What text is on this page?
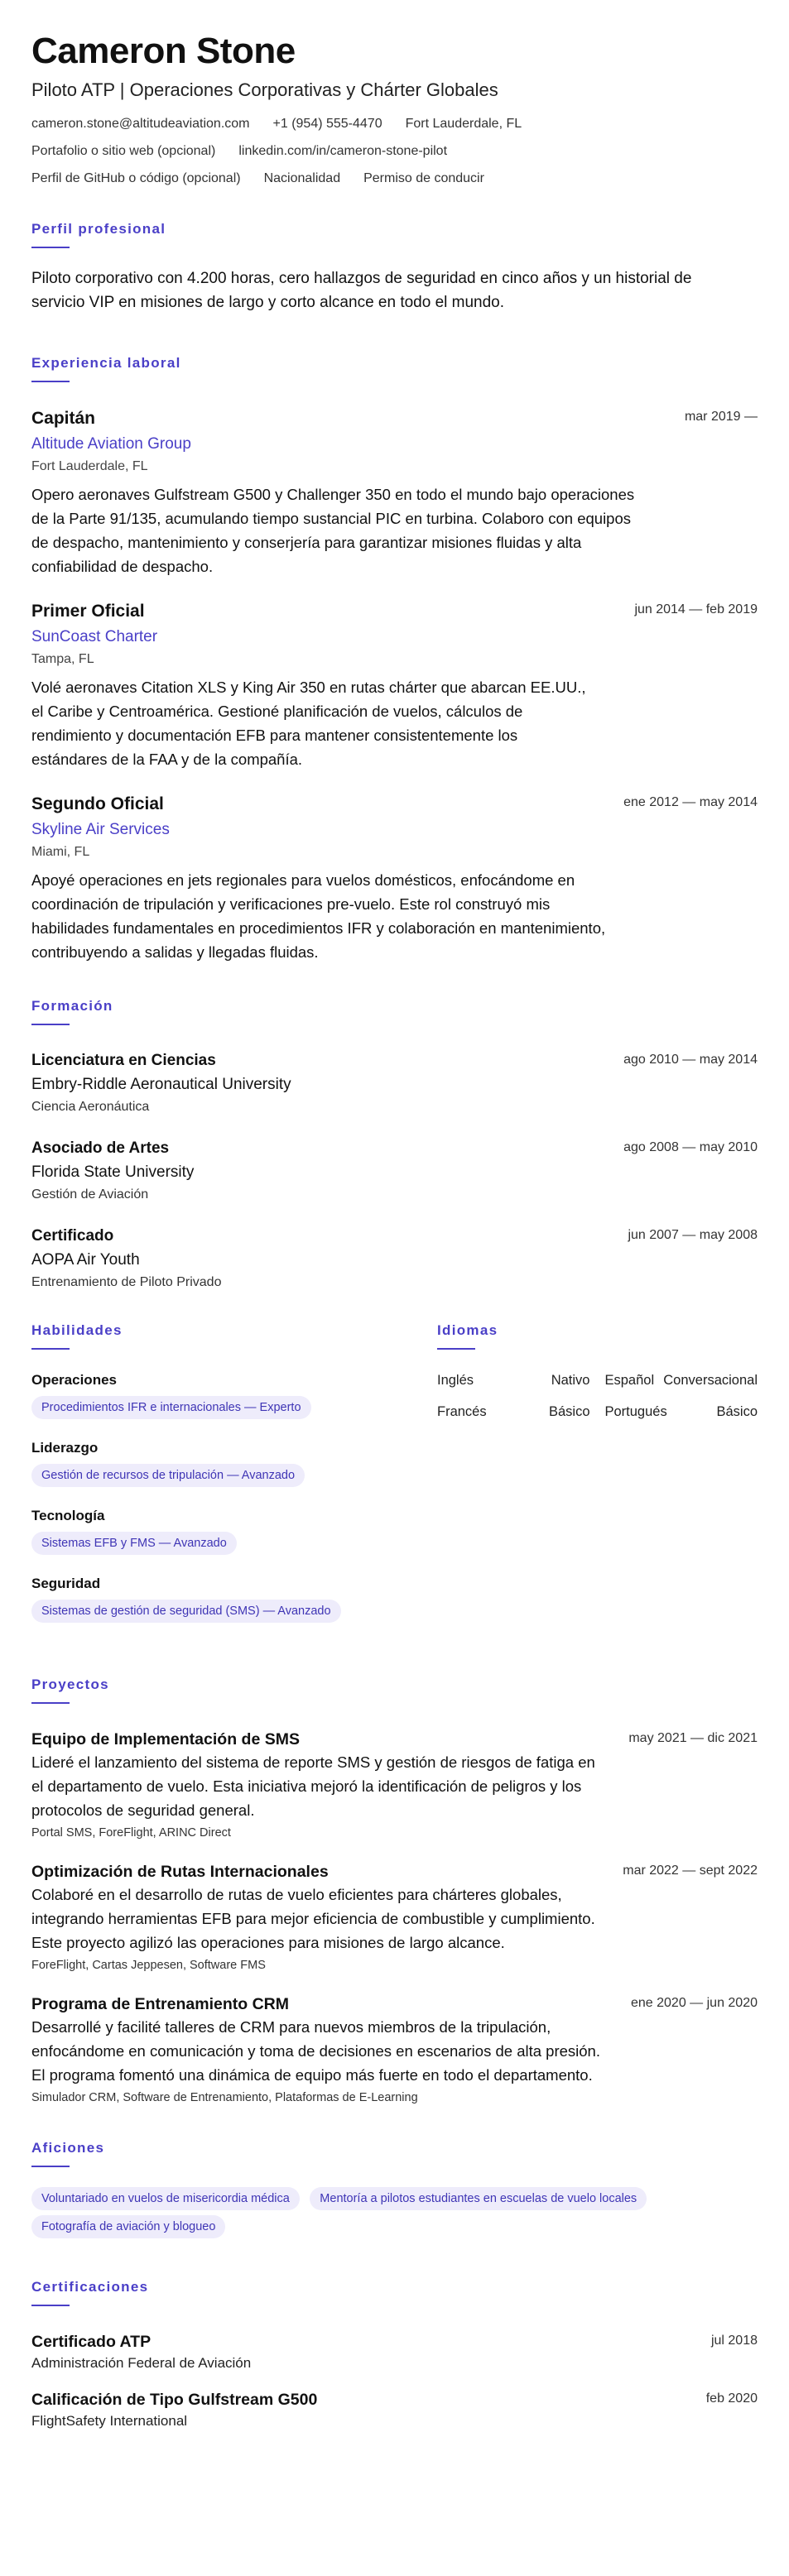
Cameron Stone
Piloto ATP | Operaciones Corporativas y Chárter Globales
cameron.stone@altitudeaviation.com +1 (954) 555-4470 Fort Lauderdale, FL
Portafolio o sitio web (opcional) linkedin.com/in/cameron-stone-pilot
Perfil de GitHub o código (opcional) Nacionalidad Permiso de conducir
Perfil profesional

Piloto corporativo con 4.200 horas, cero hallazgos de seguridad en cinco años y un historial de servicio VIP en misiones de largo y corto alcance en todo el mundo.

Experiencia laboral
Capitán	mar 2019 —
Altitude Aviation Group
Fort Lauderdale, FL

Opero aeronaves Gulfstream G500 y Challenger 350 en todo el mundo bajo operaciones de la Parte 91/135, acumulando tiempo sustancial PIC en turbina. Colaboro con equipos de despacho, mantenimiento y conserjería para garantizar misiones fluidas y alta confiabilidad de despacho.

Primer Oficial	jun 2014 — feb 2019
SunCoast Charter
Tampa, FL

Volé aeronaves Citation XLS y King Air 350 en rutas chárter que abarcan EE.UU., el Caribe y Centroamérica. Gestioné planificación de vuelos, cálculos de rendimiento y documentación EFB para mantener consistentemente los estándares de la FAA y de la compañía.

Segundo Oficial	ene 2012 — may 2014
Skyline Air Services
Miami, FL

Apoyé operaciones en jets regionales para vuelos domésticos, enfocándome en coordinación de tripulación y verificaciones pre-vuelo. Este rol construyó mis habilidades fundamentales en procedimientos IFR y colaboración en mantenimiento, contribuyendo a salidas y llegadas fluidas.

Formación
Licenciatura en Ciencias	ago 2010 — may 2014
Embry-Riddle Aeronautical University
Ciencia Aeronáutica
Asociado de Artes	ago 2008 — may 2010
Florida State University
Gestión de Aviación
Certificado	jun 2007 — may 2008
AOPA Air Youth
Entrenamiento de Piloto Privado
Habilidades
Operaciones
Procedimientos IFR e internacionales — Experto
Liderazgo
Gestión de recursos de tripulación — Avanzado
Tecnología
Sistemas EFB y FMS — Avanzado
Seguridad
Sistemas de gestión de seguridad (SMS) — Avanzado
Idiomas
Inglés	Nativo Español Conversacional
Francés	Básico Portugués	Básico
Proyectos
Equipo de Implementación de SMS	may 2021 — dic 2021

Lideré el lanzamiento del sistema de reporte SMS y gestión de riesgos de fatiga en el departamento de vuelo. Esta iniciativa mejoró la identificación de peligros y los protocolos de seguridad general.

Portal SMS, ForeFlight, ARINC Direct
Optimización de Rutas Internacionales	mar 2022 — sept 2022

Colaboré en el desarrollo de rutas de vuelo eficientes para chárteres globales, integrando herramientas EFB para mejor eficiencia de combustible y cumplimiento. Este proyecto agilizó las operaciones para misiones de largo alcance.

ForeFlight, Cartas Jeppesen, Software FMS
Programa de Entrenamiento CRM	ene 2020 — jun 2020

Desarrollé y facilité talleres de CRM para nuevos miembros de la tripulación, enfocándome en comunicación y toma de decisiones en escenarios de alta presión. El programa fomentó una dinámica de equipo más fuerte en todo el departamento.

Simulador CRM, Software de Entrenamiento, Plataformas de E-Learning
Aficiones
Voluntariado en vuelos de misericordia médica	Mentoría a pilotos estudiantes en escuelas de vuelo locales Fotografía de aviación y blogueo
Certificaciones
Certificado ATP	jul 2018
Administración Federal de Aviación
Calificación de Tipo Gulfstream G500	feb 2020
FlightSafety International
